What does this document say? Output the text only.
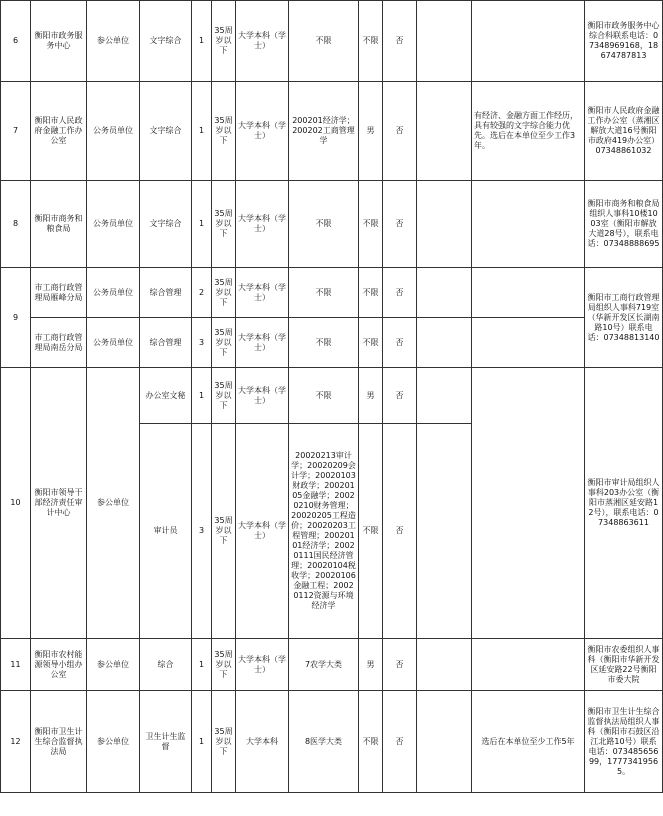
6	衡阳市政务服务中心	参公单位	文字综合	1	35周岁以下	大学本科（学士）	不限	不限	否			衡阳市政务服务中心综合科联系电话：07348969168，18674787813
7	衡阳市人民政府金融工作办公室	公务员单位	文字综合	1	35周岁以下	大学本科（学士）	200201经济学；200202工商管理学	男	否		有经济、金融方面工作经历，具有较强的文字综合能力优先。选后在本单位至少工作3年。	衡阳市人民政府金融工作办公室（蒸湘区解放大道16号衡阳市政府419办公室）07348861032
8	衡阳市商务和粮食局	公务员单位	文字综合	1	35周岁以下	大学本科（学士）	不限	不限	否			衡阳市商务和粮食局组织人事科10楼1003室（衡阳市解放大道28号），联系电话：07348888695
9	市工商行政管理局雁峰分局	公务员单位	综合管理	2	35周岁以下	大学本科（学士）	不限	不限	否			衡阳市工商行政管理局组织人事科719室（华新开发区长湖南路10号）联系电话：07348813140
	市工商行政管理局南岳分局	公务员单位	综合管理	3	35周岁以下	大学本科（学士）	不限	不限	否			
10	衡阳市领导干部经济责任审计中心	参公单位	办公室文秘	1	35周岁以下	大学本科（学士）	不限	男	否			衡阳市审计局组织人事科203办公室（衡阳市蒸湘区延安路12号），联系电话：07348863611
			审计员	3	35周岁以下	大学本科（学士）	20020213审计学；20020209会计学；20020103财政学；20020105金融学；20020210财务管理；20020205工程造价；20020203工程管理；20020101经济学；20020111国民经济管理；20020104税收学；20020106金融工程；20020112资源与环境经济学	不限	否			
11	衡阳市农村能源领导小组办公室	参公单位	综合	1	35周岁以下	大学本科（学士）	7农学大类	男	否			衡阳市农委组织人事科（衡阳市华新开发区延安路22号衡阳市委大院
12	衡阳市卫生计生综合监督执法局	参公单位	卫生计生监督	1	35周岁以下	大学本科	8医学大类	不限	否		选后在本单位至少工作5年	衡阳市卫生计生综合监督执法局组织人事科（衡阳市石鼓区沿江北路10号）联系电话：07348565699，17773419565。
